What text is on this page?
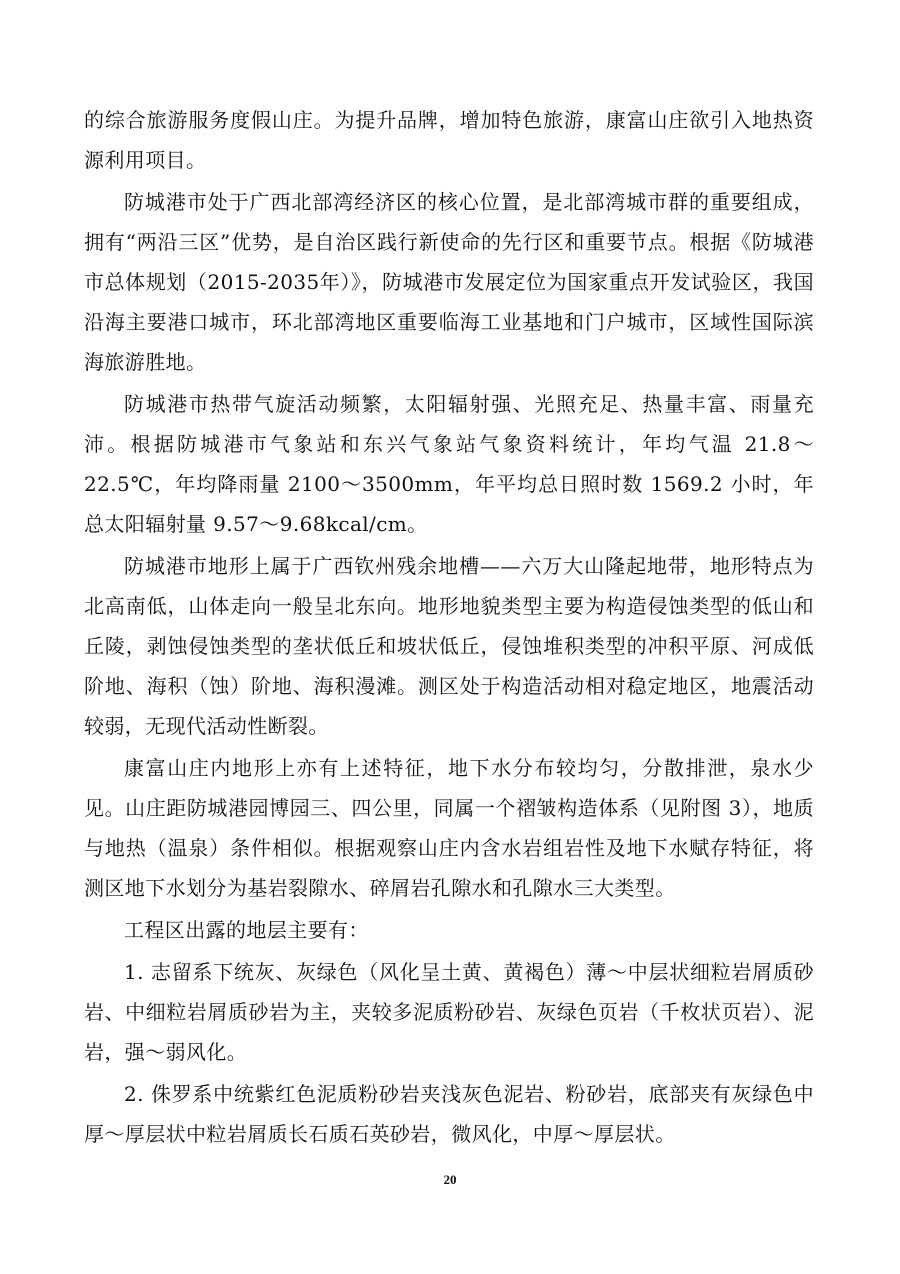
的综合旅游服务度假山庄。为提升品牌，增加特色旅游，康富山庄欲引入地热资源利用项目。

防城港市处于广西北部湾经济区的核心位置，是北部湾城市群的重要组成，拥有“两沿三区”优势，是自治区践行新使命的先行区和重要节点。根据《防城港市总体规划（2015-2035年）》，防城港市发展定位为国家重点开发试验区，我国沿海主要港口城市，环北部湾地区重要临海工业基地和门户城市，区域性国际滨海旅游胜地。

防城港市热带气旋活动频繁，太阳辐射强、光照充足、热量丰富、雨量充沛。根据防城港市气象站和东兴气象站气象资料统计，年均气温 21.8～22.5℃，年均降雨量 2100～3500mm，年平均总日照时数 1569.2 小时，年总太阳辐射量 9.57～9.68kcal/cm。

防城港市地形上属于广西钦州残余地槽——六万大山隆起地带，地形特点为北高南低，山体走向一般呈北东向。地形地貌类型主要为构造侵蚀类型的低山和丘陵，剥蚀侵蚀类型的垄状低丘和坡状低丘，侵蚀堆积类型的冲积平原、河成低阶地、海积（蚀）阶地、海积漫滩。测区处于构造活动相对稳定地区，地震活动较弱，无现代活动性断裂。

康富山庄内地形上亦有上述特征，地下水分布较均匀，分散排泄，泉水少见。山庄距防城港园博园三、四公里，同属一个褶皱构造体系（见附图 3），地质与地热（温泉）条件相似。根据观察山庄内含水岩组岩性及地下水赋存特征，将测区地下水划分为基岩裂隙水、碎屑岩孔隙水和孔隙水三大类型。

工程区出露的地层主要有：

1. 志留系下统灰、灰绿色（风化呈土黄、黄褐色）薄～中层状细粒岩屑质砂岩、中细粒岩屑质砂岩为主，夹较多泥质粉砂岩、灰绿色页岩（千枚状页岩）、泥岩，强～弱风化。

2. 侏罗系中统紫红色泥质粉砂岩夹浅灰色泥岩、粉砂岩，底部夹有灰绿色中厚～厚层状中粒岩屑质长石质石英砂岩，微风化，中厚～厚层状。

20
